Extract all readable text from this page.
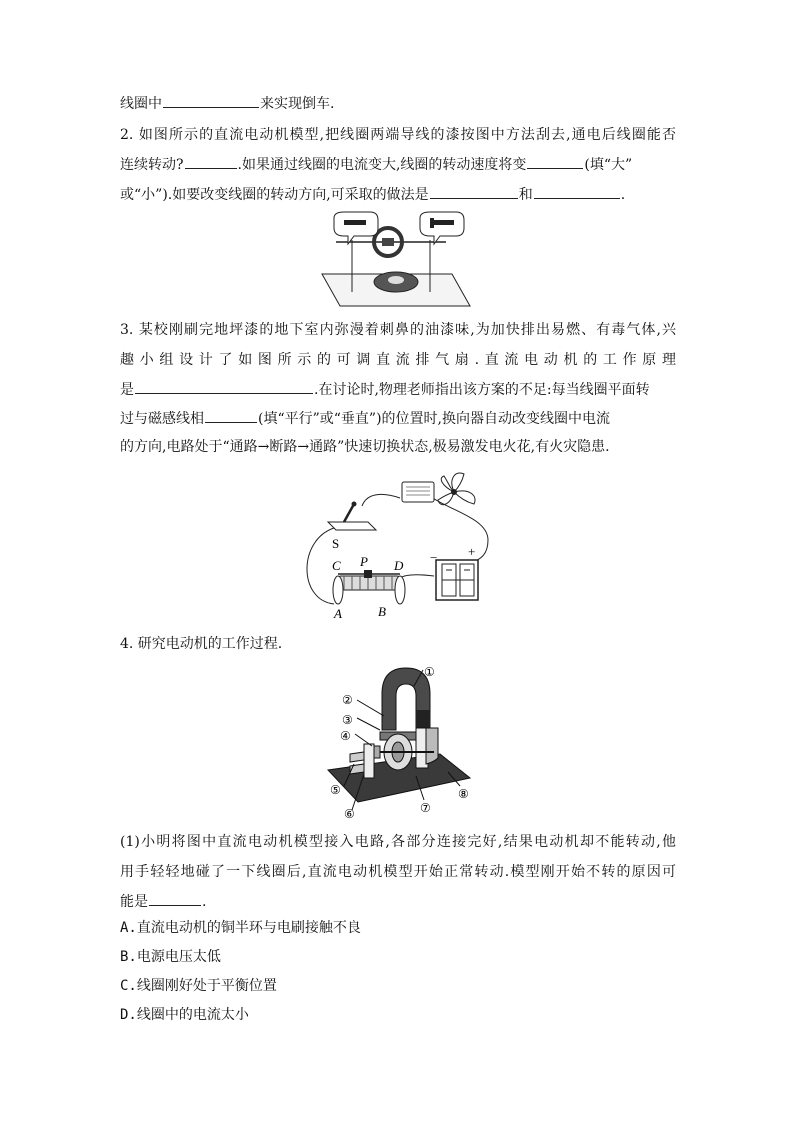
线圈中	来实现倒车.
2. 如图所示的直流电动机模型,把线圈两端导线的漆按图中方法刮去,通电后线圈能否
连续转动?	.如果通过线圈的电流变大,线圈的转动速度将变	(填“大”
或“小”).如要改变线圈的转动方向,可采取的做法是	和	.
3. 某校刚刷完地坪漆的地下室内弥漫着刺鼻的油漆味,为加快排出易燃、有毒气体,兴
趣小组设计了如图所示的可调直流排气扇.直流电动机的工作原理
是	.在讨论时,物理老师指出该方案的不足:每当线圈平面转
过与磁感线相	(填“平行”或“垂直”)的位置时,换向器自动改变线圈中电流
的方向,电路处于“通路→断路→通路”快速切换状态,极易激发电火花,有火灾隐患.
S
C P D
A	B
− +
4. 研究电动机的工作过程.
S
①
②
③
④
⑤
⑥	⑦
⑧
(1)小明将图中直流电动机模型接入电路,各部分连接完好,结果电动机却不能转动,他
用手轻轻地碰了一下线圈后,直流电动机模型开始正常转动.模型刚开始不转的原因可
能是	.
A.直流电动机的铜半环与电刷接触不良
B.电源电压太低
C.线圈刚好处于平衡位置
D.线圈中的电流太小
